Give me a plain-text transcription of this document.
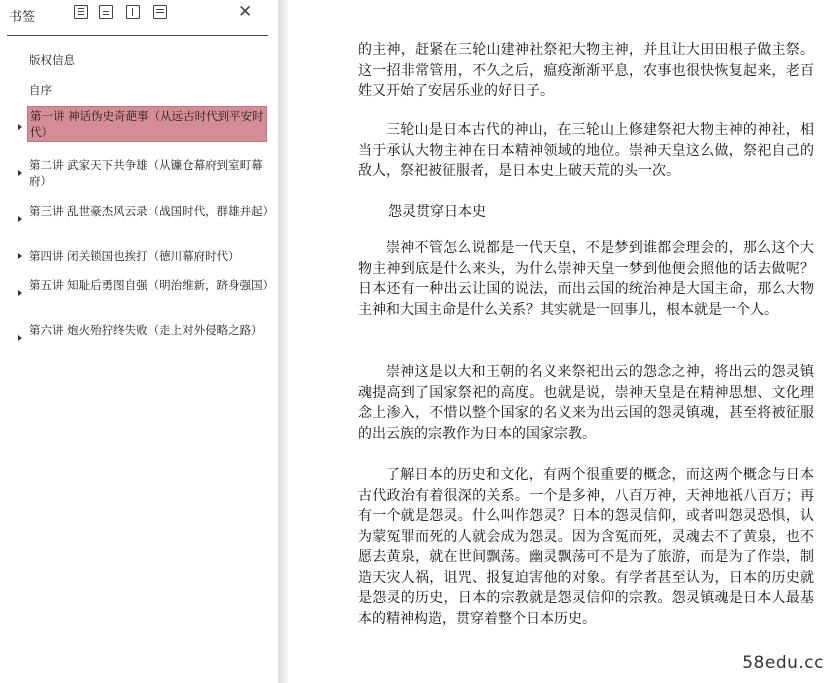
书签	✕
版权信息
自序
第一讲 神话伪史奇葩事（从远古时代到平安时代）
第二讲 武家天下共争雄（从镰仓幕府到室町幕府）
第三讲 乱世豪杰风云录（战国时代，群雄并起）
第四讲 闭关锁国也挨打（德川幕府时代）
第五讲 知耻后勇图自强（明治维新，跻身强国）
第六讲 炮火殆狞终失败（走上对外侵略之路）

的主神，赶紧在三轮山建神社祭祀大物主神，并且让大田田根子做主祭。这一招非常管用，不久之后，瘟疫渐渐平息，农事也很快恢复起来，老百姓又开始了安居乐业的好日子。

三轮山是日本古代的神山，在三轮山上修建祭祀大物主神的神社，相当于承认大物主神在日本精神领域的地位。崇神天皇这么做，祭祀自己的敌人，祭祀被征服者，是日本史上破天荒的头一次。

怨灵贯穿日本史

崇神不管怎么说都是一代天皇，不是梦到谁都会理会的，那么这个大物主神到底是什么来头，为什么崇神天皇一梦到他便会照他的话去做呢？日本还有一种出云让国的说法，而出云国的统治神是大国主命，那么大物主神和大国主命是什么关系？其实就是一回事儿，根本就是一个人。

崇神这是以大和王朝的名义来祭祀出云的怨念之神，将出云的怨灵镇魂提高到了国家祭祀的高度。也就是说，崇神天皇是在精神思想、文化理念上渗入，不惜以整个国家的名义来为出云国的怨灵镇魂，甚至将被征服的出云族的宗教作为日本的国家宗教。

了解日本的历史和文化，有两个很重要的概念，而这两个概念与日本古代政治有着很深的关系。一个是多神，八百万神，天神地祇八百万；再有一个就是怨灵。什么叫作怨灵？日本的怨灵信仰，或者叫怨灵恐惧，认为蒙冤罪而死的人就会成为怨灵。因为含冤而死，灵魂去不了黄泉，也不愿去黄泉，就在世间飘荡。幽灵飘荡可不是为了旅游，而是为了作祟，制造天灾人祸，诅咒、报复迫害他的对象。有学者甚至认为，日本的历史就是怨灵的历史，日本的宗教就是怨灵信仰的宗教。怨灵镇魂是日本人最基本的精神构造，贯穿着整个日本历史。

58edu.cc
